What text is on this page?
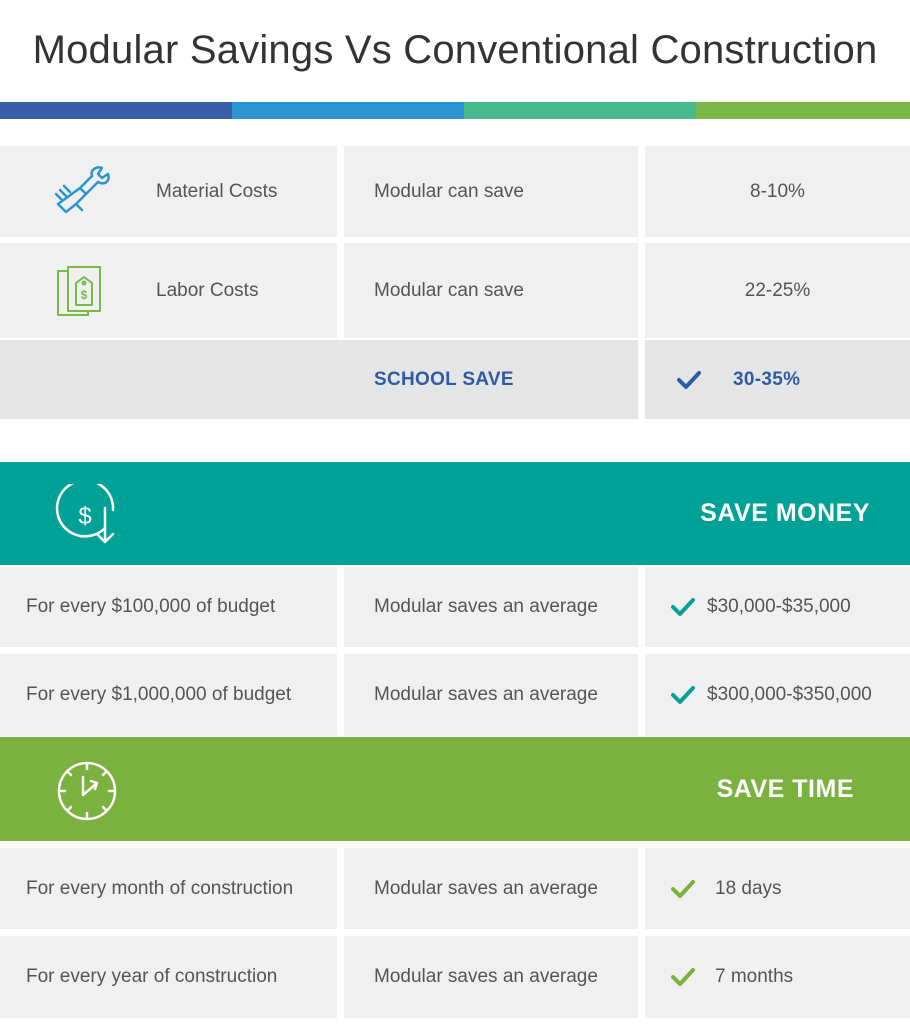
Modular Savings Vs Conventional Construction
Material Costs	Modular can save	8-10%
$	Labor Costs	Modular can save	22-25%
SCHOOL SAVE	30-35%
$	SAVE MONEY
For every $100,000 of budget	Modular saves an average	$30,000-$35,000
For every $1,000,000 of budget	Modular saves an average	$300,000-$350,000
SAVE TIME
For every month of construction	Modular saves an average	18 days
For every year of construction	Modular saves an average	7 months
